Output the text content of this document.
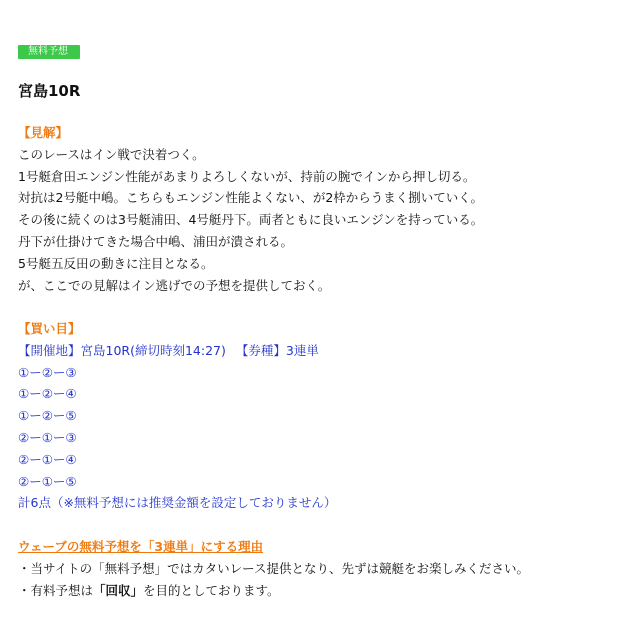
無料予想
宮島10R
【見解】
このレースはイン戦で決着つく。
1号艇倉田エンジン性能があまりよろしくないが、持前の腕でインから押し切る。
対抗は2号艇中嶋。こちらもエンジン性能よくない、が2枠からうまく捌いていく。
その後に続くのは3号艇浦田、4号艇丹下。両者ともに良いエンジンを持っている。
丹下が仕掛けてきた場合中嶋、浦田が潰される。
5号艇五反田の動きに注目となる。
が、ここでの見解はイン逃げでの予想を提供しておく。
【買い目】
【開催地】宮島10R(締切時刻14:27) 【券種】3連単
①ー②ー③
①ー②ー④
①ー②ー⑤
②ー①ー③
②ー①ー④
②ー①ー⑤
計6点（※無料予想には推奨金額を設定しておりません）
ウェーブの無料予想を「3連単」にする理由
・当サイトの「無料予想」ではカタいレース提供となり、先ずは競艇をお楽しみください。
・有料予想は「回収」を目的としております。
